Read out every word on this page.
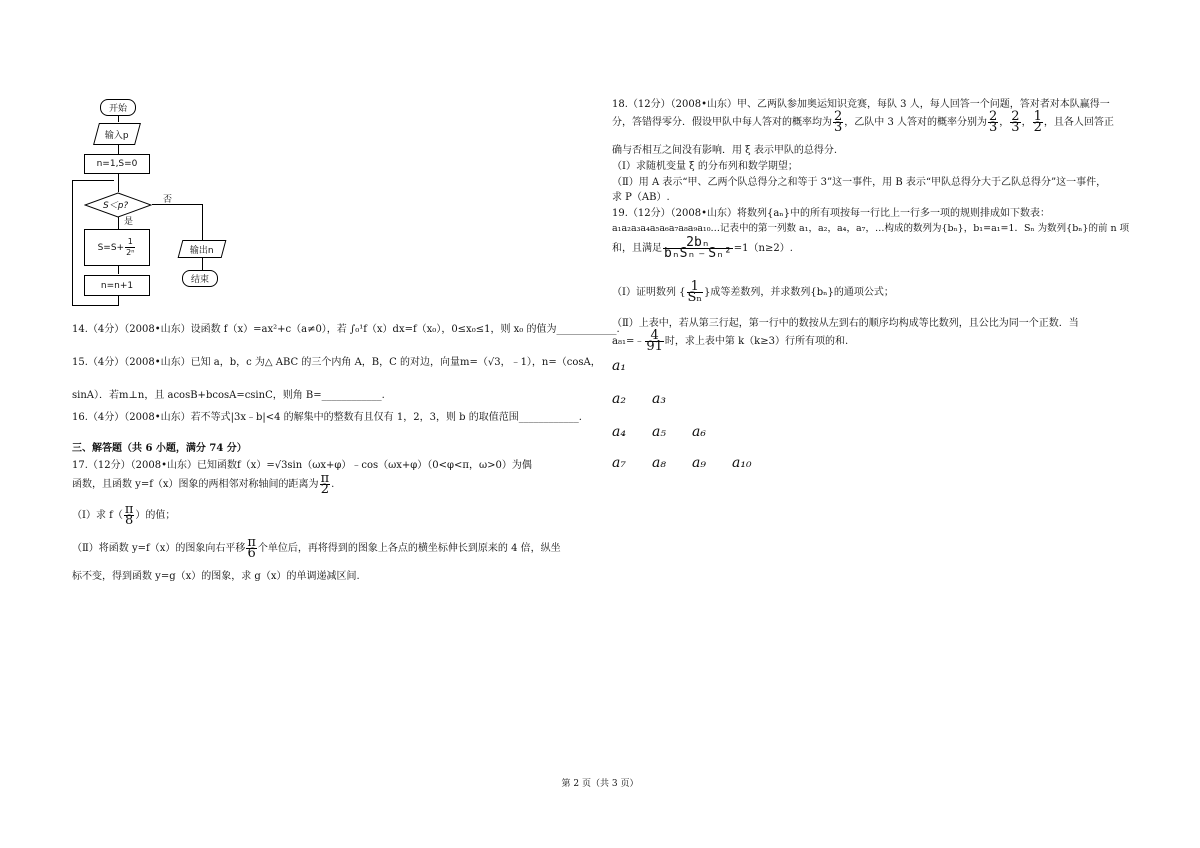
开始
输入p
n=1,S=0
S＜p?
否
是
$S=S+ \frac{1}{\text{2ⁿ}}$	输出n
结束
n=n+1
14.（4分）（2008•山东）设函数 f（x）=ax²+c（a≠0），若 ∫₀¹f（x）dx=f（x₀），0≤x₀≤1，则 x₀ 的值为____________.
15.（4分）（2008•山东）已知 a，b，c 为△ ABC 的三个内角 A，B，C 的对边，向量m=（√3，﹣1），n=（cosA，
sinA）．若m⊥n，且 acosB+bcosA=csinC，则角 B=____________.
16.（4分）（2008•山东）若不等式|3x﹣b|<4 的解集中的整数有且仅有 1，2，3，则 b 的取值范围____________.
三、解答题（共 6 小题，满分 74 分）
17.（12分）（2008•山东）已知函数f（x）=√3sin（ωx+φ）﹣cos（ωx+φ）（0<φ<π，ω>0）为偶
函数，且函数 y=f（x）图象的两相邻对称轴间的距离为 $\frac{\pi}{2}$ .
（Ⅰ）求 $f( \frac{\pi}{8}$ ）的值；
（Ⅱ）将函数 y=f（x）的图象向右平移 $\frac{\pi}{6}$ 个单位后，再将得到的图象上各点的横坐标伸长到原来的 4 倍，纵坐
标不变，得到函数 y=g（x）的图象，求 g（x）的单调递减区间.
18.（12分）（2008•山东）甲、乙两队参加奥运知识竞赛，每队 3 人，每人回答一个问题，答对者对本队赢得一
分，答错得零分．假设甲队中每人答对的概率均为 $\frac{2}{3}$ ，乙队中 3 人答对的概率分别为 $\frac{2}{3}$ ， $\frac{2}{3}$ ， $\frac{1}{2}$ ，且各人回答正
确与否相互之间没有影响．用 ξ 表示甲队的总得分.
（Ⅰ）求随机变量 ξ 的分布列和数学期望；
（Ⅱ）用 A 表示“甲、乙两个队总得分之和等于 3”这一事件，用 B 表示“甲队总得分大于乙队总得分”这一事件，
求 P（AB）.
19.（12分）（2008•山东）将数列{aₙ}中的所有项按每一行比上一行多一项的规则排成如下数表：
a₁a₂a₃a₄a₅a₆a₇a₈a₉a₁₀…记表中的第一列数 a₁，a₂，a₄，a₇，…构成的数列为{bₙ}，b₁=a₁=1．Sₙ 为数列{bₙ}的前 n 项
和，且满足 $\frac{\text{2bₙ}}{\text{bₙSₙ﹣Sₙ²}} =1(n\ge 2)$.
（Ⅰ）证明数列 { $\frac{1}{\text{Sₙ}}$ }成等差数列，并求数列{bₙ}的通项公式；
（Ⅱ）上表中，若从第三行起，第一行中的数按从左到右的顺序均构成等比数列，且公比为同一个正数．当
a₈₁=﹣ $\frac{4}{91}$ 时，求上表中第 k（k≥3）行所有项的和.
a₁
a₂ a₃
a₄ a₅ a₆
a₇ a₈ a₉ a₁₀
第 2 页（共 3 页）
